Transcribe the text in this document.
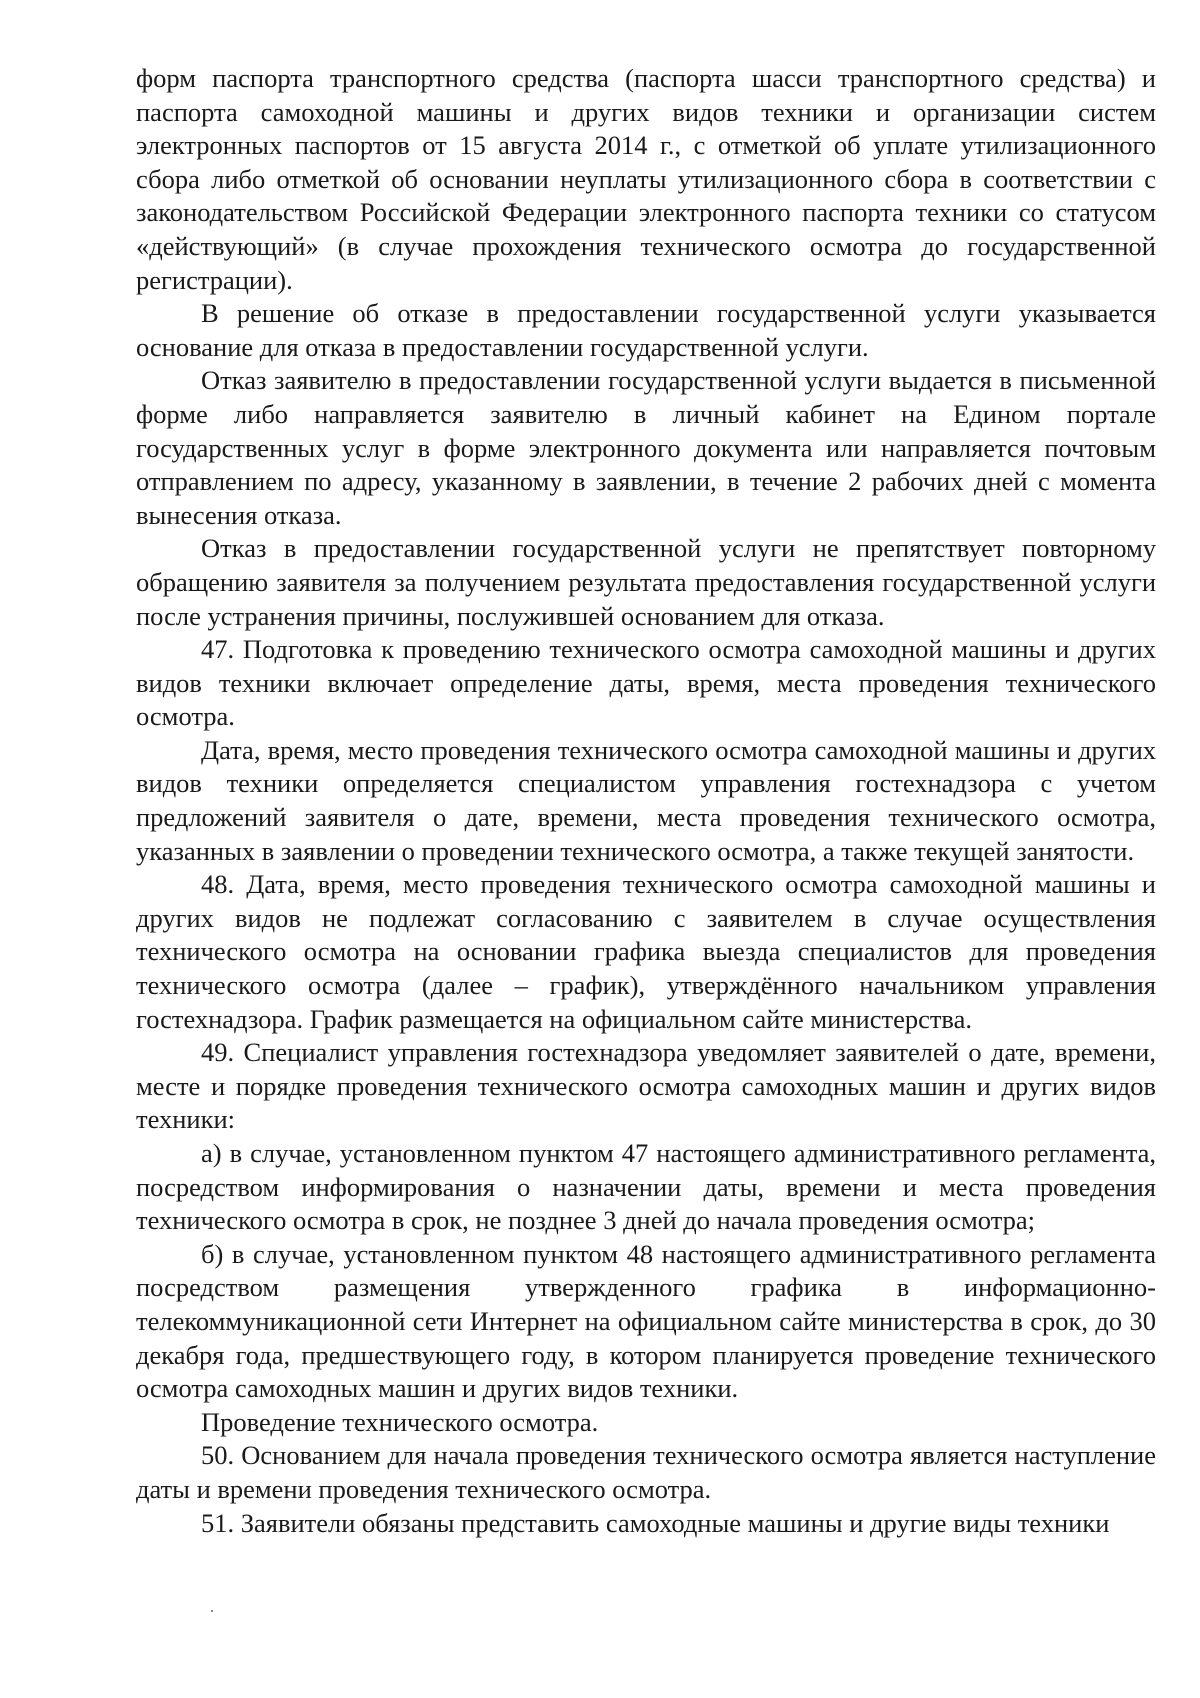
форм паспорта транспортного средства (паспорта шасси транспортного средства) и паспорта самоходной машины и других видов техники и организации систем электронных паспортов от 15 августа 2014 г., с отметкой об уплате утилизационного сбора либо отметкой об основании неуплаты утилизационного сбора в соответствии с законодательством Российской Федерации электронного паспорта техники со статусом «действующий» (в случае прохождения технического осмотра до государственной регистрации).

В решение об отказе в предоставлении государственной услуги указывается основание для отказа в предоставлении государственной услуги.

Отказ заявителю в предоставлении государственной услуги выдается в письменной форме либо направляется заявителю в личный кабинет на Едином портале государственных услуг в форме электронного документа или направляется почтовым отправлением по адресу, указанному в заявлении, в течение 2 рабочих дней с момента вынесения отказа.

Отказ в предоставлении государственной услуги не препятствует повторному обращению заявителя за получением результата предоставления государственной услуги после устранения причины, послужившей основанием для отказа.

47. Подготовка к проведению технического осмотра самоходной машины и других видов техники включает определение даты, время, места проведения технического осмотра.

Дата, время, место проведения технического осмотра самоходной машины и других видов техники определяется специалистом управления гостехнадзора с учетом предложений заявителя о дате, времени, места проведения технического осмотра, указанных в заявлении о проведении технического осмотра, а также текущей занятости.

48. Дата, время, место проведения технического осмотра самоходной машины и других видов не подлежат согласованию с заявителем в случае осуществления технического осмотра на основании графика выезда специалистов для проведения технического осмотра (далее – график), утверждённого начальником управления гостехнадзора. График размещается на официальном сайте министерства.

49. Специалист управления гостехнадзора уведомляет заявителей о дате, времени, месте и порядке проведения технического осмотра самоходных машин и других видов техники:

а) в случае, установленном пунктом 47 настоящего административного регламента, посредством информирования о назначении даты, времени и места проведения технического осмотра в срок, не позднее 3 дней до начала проведения осмотра;

б) в случае, установленном пунктом 48 настоящего административного регламента посредством размещения утвержденного графика в информационно-телекоммуникационной сети Интернет на официальном сайте министерства в срок, до 30 декабря года, предшествующего году, в котором планируется проведение технического осмотра самоходных машин и других видов техники.

Проведение технического осмотра.

50. Основанием для начала проведения технического осмотра является наступление даты и времени проведения технического осмотра.

51. Заявители обязаны представить самоходные машины и другие виды техники
